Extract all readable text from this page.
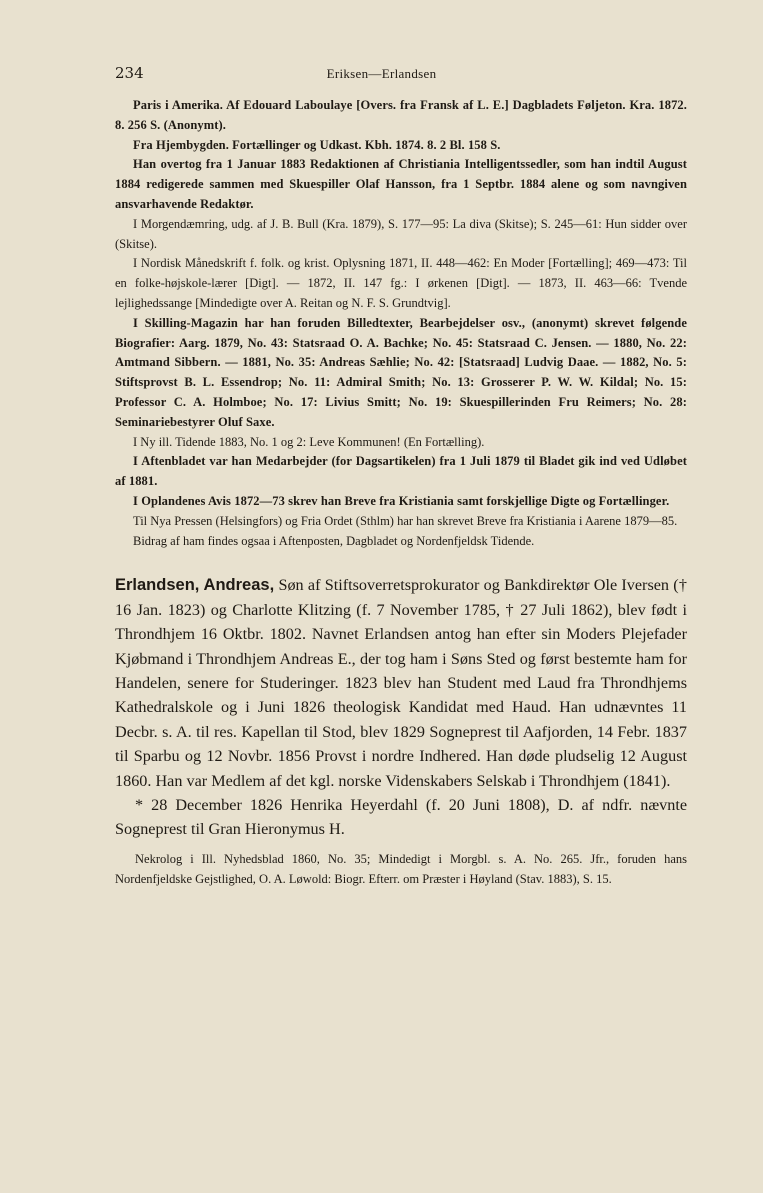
234	Eriksen—Erlandsen

Paris i Amerika. Af Edouard Laboulaye [Overs. fra Fransk af L. E.] Dagbladets Føljeton. Kra. 1872. 8. 256 S. (Anonymt).

Fra Hjembygden. Fortællinger og Udkast. Kbh. 1874. 8. 2 Bl. 158 S.

Han overtog fra 1 Januar 1883 Redaktionen af Christiania Intelligentssedler, som han indtil August 1884 redigerede sammen med Skuespiller Olaf Hansson, fra 1 Septbr. 1884 alene og som navngiven ansvarhavende Redaktør.

I Morgendæmring, udg. af J. B. Bull (Kra. 1879), S. 177—95: La diva (Skitse); S. 245—61: Hun sidder over (Skitse).

I Nordisk Månedskrift f. folk. og krist. Oplysning 1871, II. 448—462: En Moder [Fortælling]; 469—473: Til en folke-højskole-lærer [Digt]. — 1872, II. 147 fg.: I ørkenen [Digt]. — 1873, II. 463—66: Tvende lejlighedssange [Mindedigte over A. Reitan og N. F. S. Grundtvig].

I Skilling-Magazin har han foruden Billedtexter, Bearbejdelser osv., (anonymt) skrevet følgende Biografier: Aarg. 1879, No. 43: Statsraad O. A. Bachke; No. 45: Statsraad C. Jensen. — 1880, No. 22: Amtmand Sibbern. — 1881, No. 35: Andreas Sæhlie; No. 42: [Statsraad] Ludvig Daae. — 1882, No. 5: Stiftsprovst B. L. Essendrop; No. 11: Admiral Smith; No. 13: Grosserer P. W. W. Kildal; No. 15: Professor C. A. Holmboe; No. 17: Livius Smitt; No. 19: Skuespillerinden Fru Reimers; No. 28: Seminariebestyrer Oluf Saxe.

I Ny ill. Tidende 1883, No. 1 og 2: Leve Kommunen! (En Fortælling).

I Aftenbladet var han Medarbejder (for Dagsartikelen) fra 1 Juli 1879 til Bladet gik ind ved Udløbet af 1881.

I Oplandenes Avis 1872—73 skrev han Breve fra Kristiania samt forskjellige Digte og Fortællinger.

Til Nya Pressen (Helsingfors) og Fria Ordet (Sthlm) har han skrevet Breve fra Kristiania i Aarene 1879—85.

Bidrag af ham findes ogsaa i Aftenposten, Dagbladet og Nordenfjeldsk Tidende.

Erlandsen, Andreas, Søn af Stiftsoverretsprokurator og Bankdirektør Ole Iversen († 16 Jan. 1823) og Charlotte Klitzing (f. 7 November 1785, † 27 Juli 1862), blev født i Throndhjem 16 Oktbr. 1802. Navnet Erlandsen antog han efter sin Moders Plejefader Kjøbmand i Throndhjem Andreas E., der tog ham i Søns Sted og først bestemte ham for Handelen, senere for Studeringer. 1823 blev han Student med Laud fra Throndhjems Kathedralskole og i Juni 1826 theologisk Kandidat med Haud. Han udnævntes 11 Decbr. s. A. til res. Kapellan til Stod, blev 1829 Sogneprest til Aafjorden, 14 Febr. 1837 til Sparbu og 12 Novbr. 1856 Provst i nordre Indhered. Han døde pludselig 12 August 1860. Han var Medlem af det kgl. norske Videnskabers Selskab i Throndhjem (1841).

* 28 December 1826 Henrika Heyerdahl (f. 20 Juni 1808), D. af ndfr. nævnte Sogneprest til Gran Hieronymus H.

Nekrolog i Ill. Nyhedsblad 1860, No. 35; Mindedigt i Morgbl. s. A. No. 265. Jfr., foruden hans Nordenfjeldske Gejstlighed, O. A. Løwold: Biogr. Efterr. om Præster i Høyland (Stav. 1883), S. 15.
